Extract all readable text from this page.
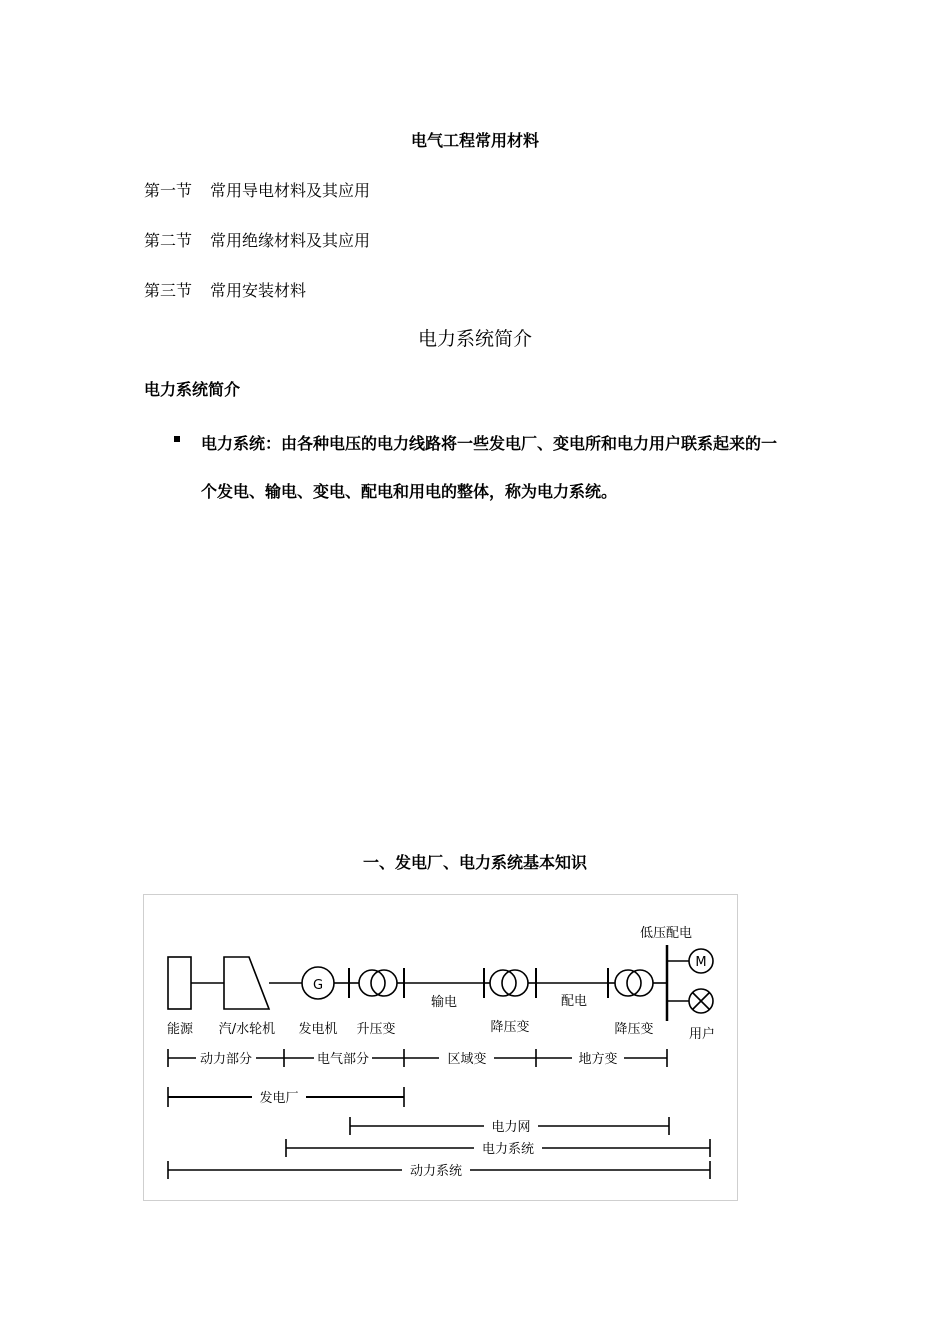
电气工程常用材料
第一节 常用导电材料及其应用
第二节 常用绝缘材料及其应用
第三节 常用安装材料
电力系统简介
电力系统简介
电力系统：由各种电压的电力线路将一些发电厂、变电所和电力用户联系起来的一
个发电、输电、变电、配电和用电的整体，称为电力系统。
一、发电厂、电力系统基本知识
G
M
能源 汽/水轮机 发电机 升压变
输电
降压变
配电
降压变
低压配电
用户
动力部分	电气部分	区域变	地方变
发电厂
电力网
电力系统
动力系统
